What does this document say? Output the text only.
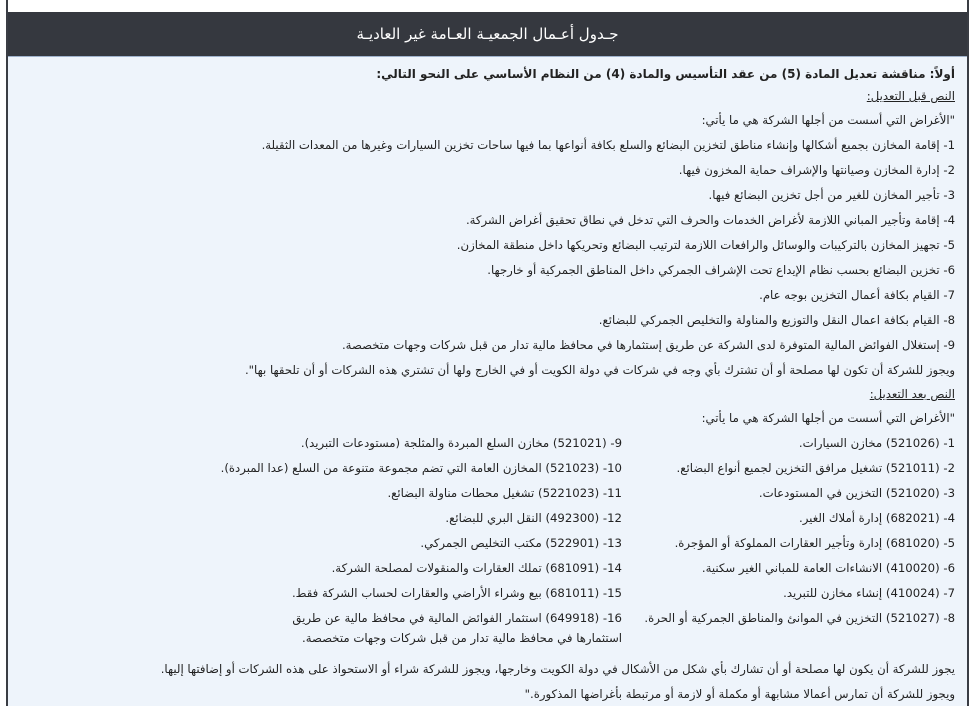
جـدول أعـمال الجمعيـة العـامة غير العاديـة
أولاً: مناقشة تعديل المادة (5) من عقد التأسيس والمادة (4) من النظام الأساسي على النحو التالي:
النص قبل التعديل:
"الأغراض التي أسست من أجلها الشركة هي ما يأتي:
1- إقامة المخازن بجميع أشكالها وإنشاء مناطق لتخزين البضائع والسلع بكافة أنواعها بما فيها ساحات تخزين السيارات وغيرها من المعدات الثقيلة.
2- إدارة المخازن وصيانتها والإشراف حماية المخزون فيها.
3- تأجير المخازن للغير من أجل تخزين البضائع فيها.
4- إقامة وتأجير المباني اللازمة لأغراض الخدمات والحرف التي تدخل في نطاق تحقيق أغراض الشركة.
5- تجهيز المخازن بالتركيبات والوسائل والرافعات اللازمة لترتيب البضائع وتحريكها داخل منطقة المخازن.
6- تخزين البضائع بحسب نظام الإيداع تحت الإشراف الجمركي داخل المناطق الجمركية أو خارجها.
7- القيام بكافة أعمال التخزين بوجه عام.
8- القيام بكافة اعمال النقل والتوزيع والمناولة والتخليص الجمركي للبضائع.
9- إستغلال الفوائض المالية المتوفرة لدى الشركة عن طريق إستثمارها في محافظ مالية تدار من قبل شركات وجهات متخصصة.
ويجوز للشركة أن تكون لها مصلحة أو أن تشترك بأي وجه في شركات في دولة الكويت أو في الخارج ولها أن تشتري هذه الشركات أو أن تلحقها بها".
النص بعد التعديل:
"الأغراض التي أسست من أجلها الشركة هي ما يأتي:
1- (521026) مخازن السيارات.
2- (521011) تشغيل مرافق التخزين لجميع أنواع البضائع.
3- (521020) التخزين في المستودعات.
4- (682021) إدارة أملاك الغير.
5- (681020) إدارة وتأجير العقارات المملوكة أو المؤجرة.
6- (410020) الانشاءات العامة للمباني الغير سكنية.
7- (410024) إنشاء مخازن للتبريد.
8- (521027) التخزين في الموانئ والمناطق الجمركية أو الحرة.
9- (521021) مخازن السلع المبردة والمثلجة (مستودعات التبريد).
10- (521023) المخازن العامة التي تضم مجموعة متنوعة من السلع (عدا المبردة).
11- (5221023) تشغيل محطات مناولة البضائع.
12- (492300) النقل البري للبضائع.
13- (522901) مكتب التخليص الجمركي.
14- (681091) تملك العقارات والمنقولات لمصلحة الشركة.
15- (681011) بيع وشراء الأراضي والعقارات لحساب الشركة فقط.
16- (649918) استثمار الفوائض المالية في محافظ مالية عن طريق استثمارها في محافظ مالية تدار من قبل شركات وجهات متخصصة.
يجوز للشركة أن يكون لها مصلحة أو أن تشارك بأي شكل من الأشكال في دولة الكويت وخارجها، ويجوز للشركة شراء أو الاستحواذ على هذه الشركات أو إضافتها إليها.
ويجوز للشركة أن تمارس أعمالا مشابهة أو مكملة أو لازمة أو مرتبطة بأغراضها المذكورة."
